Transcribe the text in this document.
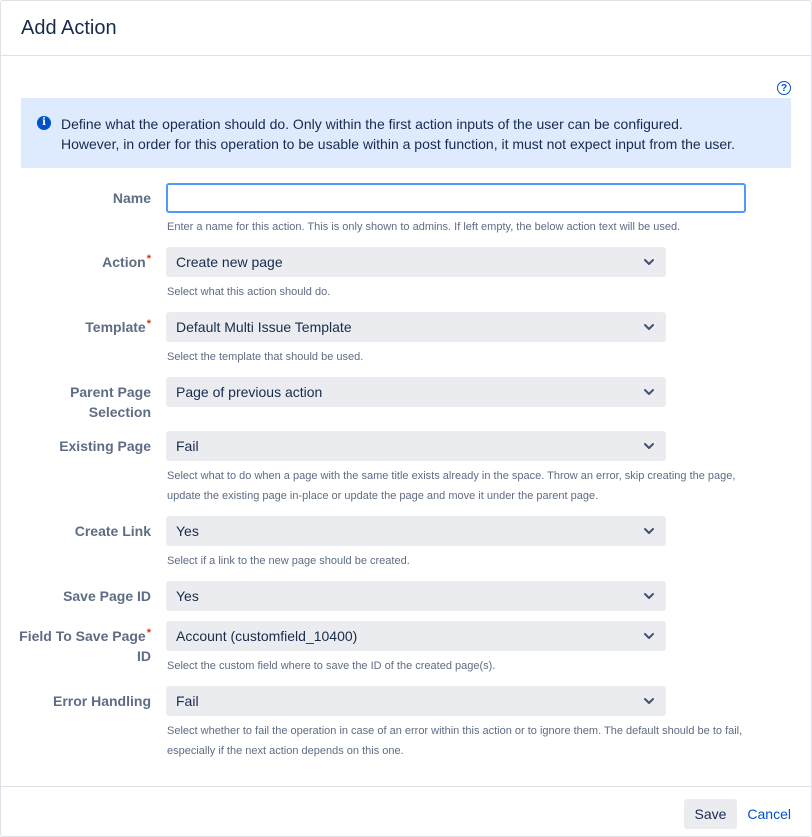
Add Action
?
i	Define what the operation should do. Only within the first action inputs of the user can be configured.
However, in order for this operation to be usable within a post function, it must not expect input from the user.
Name
Enter a name for this action. This is only shown to admins. If left empty, the below action text will be used.
Action* Create new page
Select what this action should do.
Template* Default Multi Issue Template
Select the template that should be used.
Parent Page
Selection
Page of previous action
Existing Page Fail
Select what to do when a page with the same title exists already in the space. Throw an error, skip creating the page,
update the existing page in-place or update the page and move it under the parent page.
Create Link Yes
Select if a link to the new page should be created.
Save Page ID Yes
Field To Save Page*
ID
Account (customfield_10400)
Select the custom field where to save the ID of the created page(s).
Error Handling Fail
Select whether to fail the operation in case of an error within this action or to ignore them. The default should be to fail,
especially if the next action depends on this one.
Save	Cancel
